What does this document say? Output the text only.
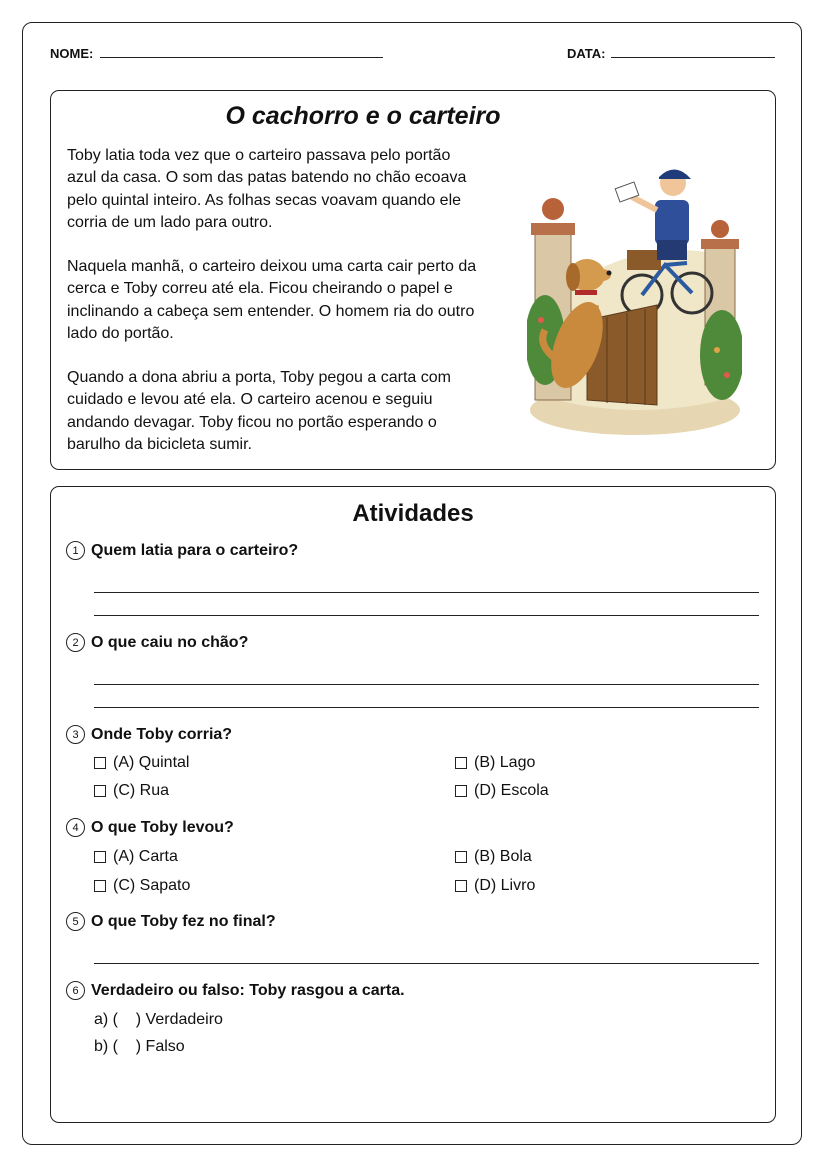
NOME:	DATA:
O cachorro e o carteiro
Toby latia toda vez que o carteiro passava pelo portão
azul da casa. O som das patas batendo no chão ecoava
pelo quintal inteiro. As folhas secas voavam quando ele
corria de um lado para outro.
Naquela manhã, o carteiro deixou uma carta cair perto da
cerca e Toby correu até ela. Ficou cheirando o papel e
inclinando a cabeça sem entender. O homem ria do outro
lado do portão.
Quando a dona abriu a porta, Toby pegou a carta com
cuidado e levou até ela. O carteiro acenou e seguiu
andando devagar. Toby ficou no portão esperando o
barulho da bicicleta sumir.
Atividades
1 Quem latia para o carteiro?
2 O que caiu no chão?
3 Onde Toby corria?
(A) Quintal	(B) Lago
(C) Rua	(D) Escola
4 O que Toby levou?
(A) Carta	(B) Bola
(C) Sapato	(D) Livro
5 O que Toby fez no final?
6 Verdadeiro ou falso: Toby rasgou a carta.
a) (    ) Verdadeiro
b) (    ) Falso
